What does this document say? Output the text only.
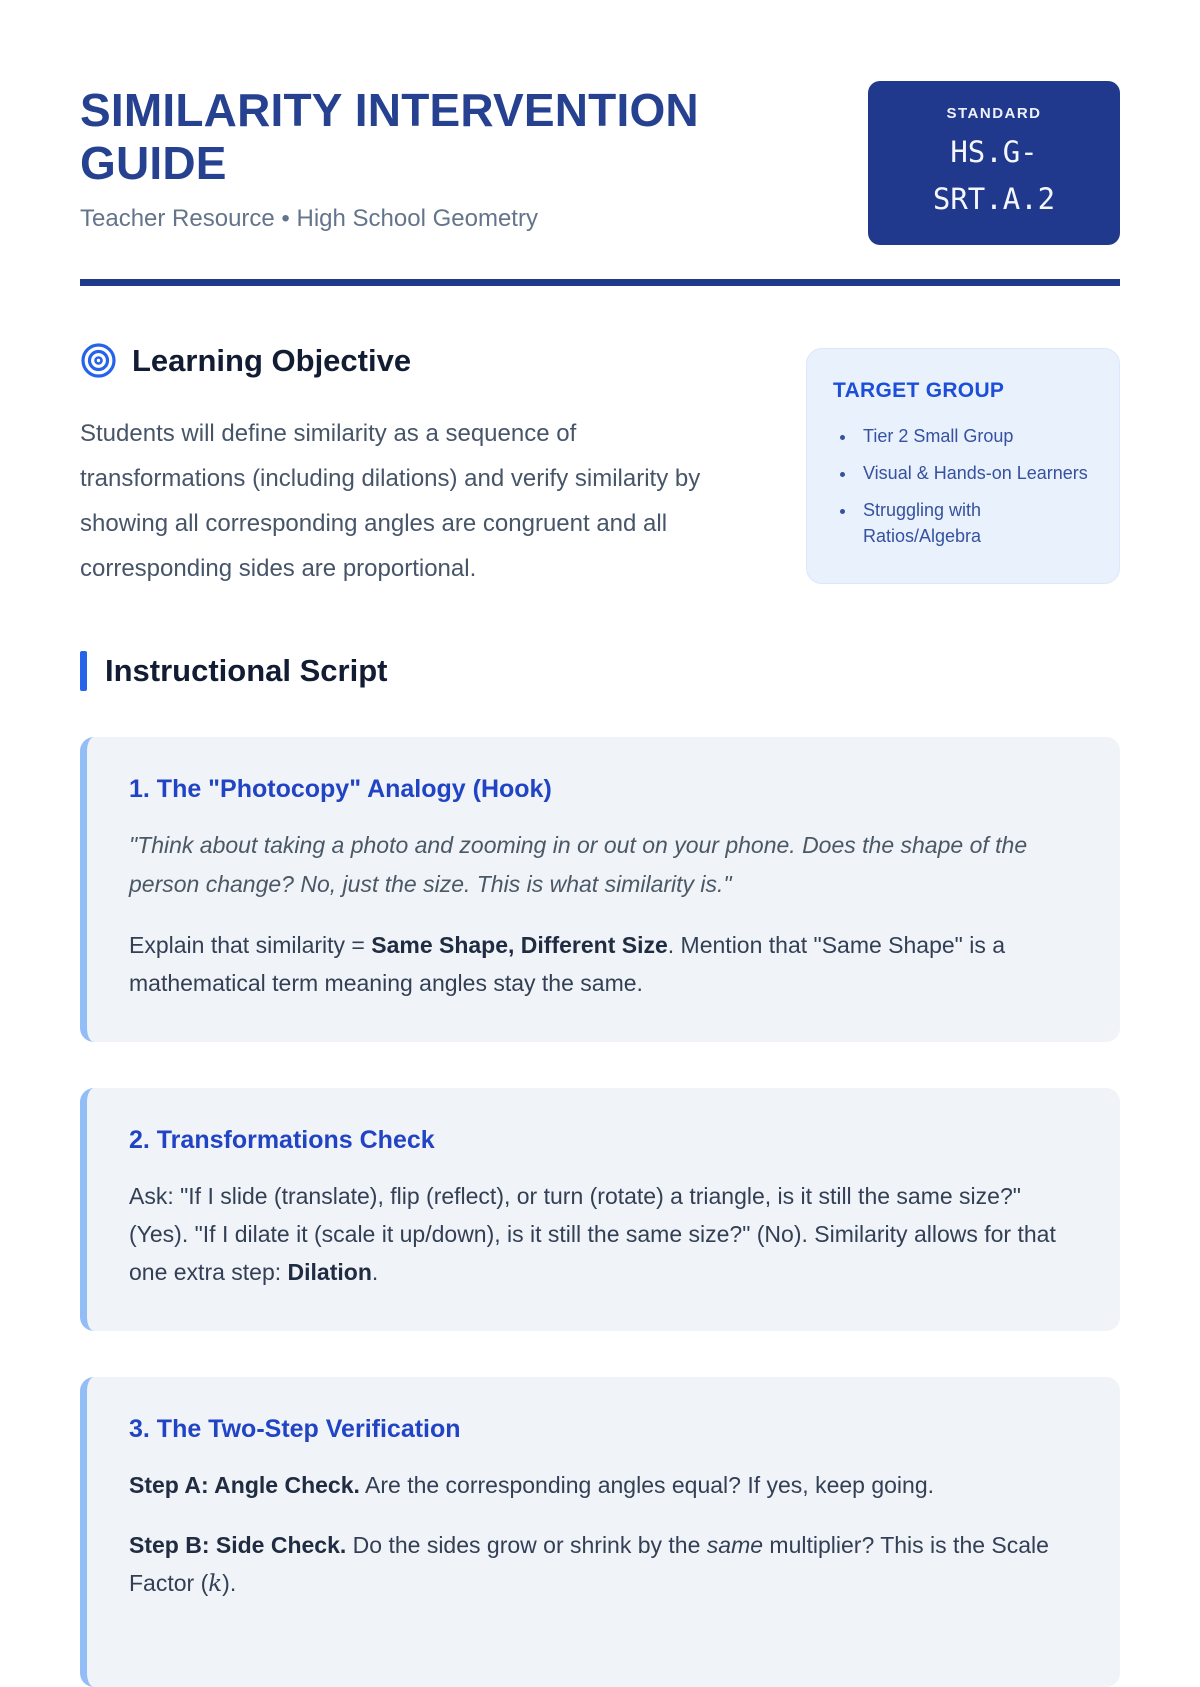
SIMILARITY INTERVENTION GUIDE
Teacher Resource • High School Geometry
STANDARD
HS.G-
SRT.A.2
Learning Objective
Students will define similarity as a sequence of transformations (including dilations) and verify similarity by showing all corresponding angles are congruent and all corresponding sides are proportional.
TARGET GROUP
• Tier 2 Small Group
• Visual & Hands-on Learners
• Struggling with Ratios/Algebra
Instructional Script
1. The "Photocopy" Analogy (Hook)
"Think about taking a photo and zooming in or out on your phone. Does the shape of the person change? No, just the size. This is what similarity is."
Explain that similarity = Same Shape, Different Size. Mention that "Same Shape" is a mathematical term meaning angles stay the same.
2. Transformations Check
Ask: "If I slide (translate), flip (reflect), or turn (rotate) a triangle, is it still the same size?" (Yes). "If I dilate it (scale it up/down), is it still the same size?" (No). Similarity allows for that one extra step: Dilation.
3. The Two-Step Verification
Step A: Angle Check. Are the corresponding angles equal? If yes, keep going.
Step B: Side Check. Do the sides grow or shrink by the same multiplier? This is the Scale Factor (k).
